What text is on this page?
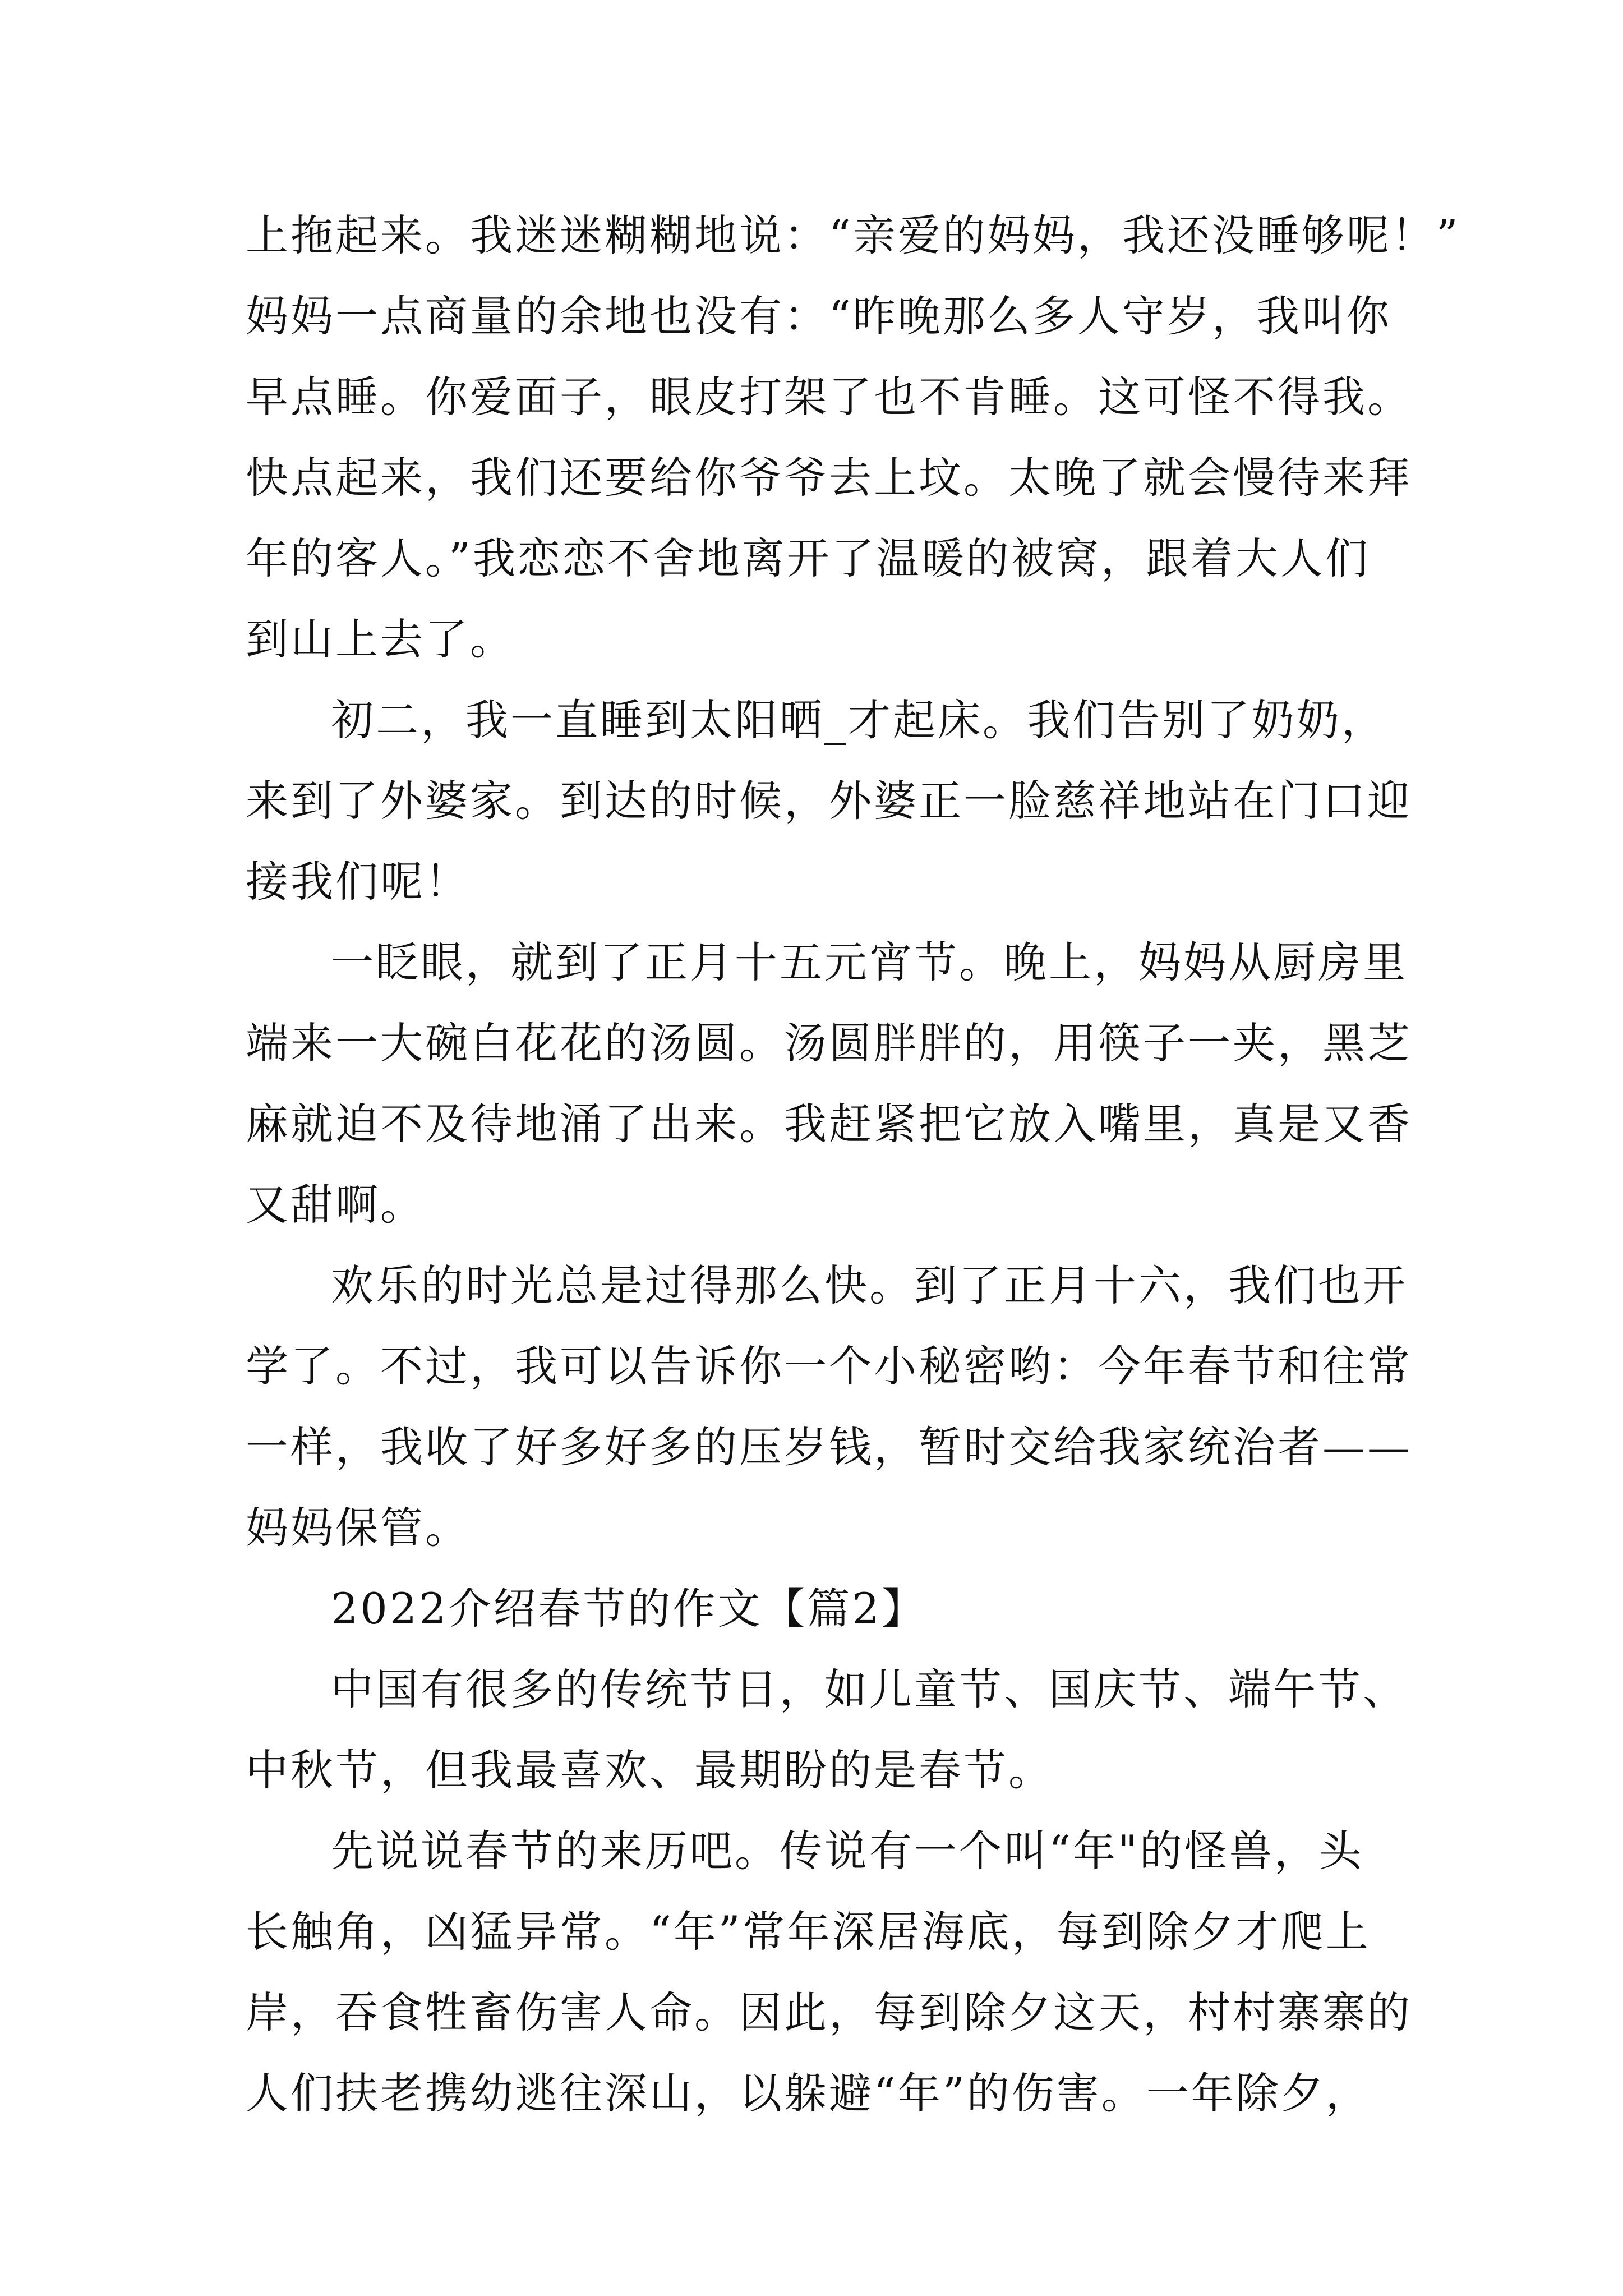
上拖起来。我迷迷糊糊地说：“亲爱的妈妈，我还没睡够呢！”
妈妈一点商量的余地也没有：“昨晚那么多人守岁，我叫你
早点睡。你爱面子，眼皮打架了也不肯睡。这可怪不得我。
快点起来，我们还要给你爷爷去上坟。太晚了就会慢待来拜
年的客人。”我恋恋不舍地离开了温暖的被窝，跟着大人们
到山上去了。
初二，我一直睡到太阳晒_才起床。我们告别了奶奶，
来到了外婆家。到达的时候，外婆正一脸慈祥地站在门口迎
接我们呢！
一眨眼，就到了正月十五元宵节。晚上，妈妈从厨房里
端来一大碗白花花的汤圆。汤圆胖胖的，用筷子一夹，黑芝
麻就迫不及待地涌了出来。我赶紧把它放入嘴里，真是又香
又甜啊。
欢乐的时光总是过得那么快。到了正月十六，我们也开
学了。不过，我可以告诉你一个小秘密哟：今年春节和往常
一样，我收了好多好多的压岁钱，暂时交给我家统治者——
妈妈保管。
2022介绍春节的作文【篇2】
中国有很多的传统节日，如儿童节、国庆节、端午节、
中秋节，但我最喜欢、最期盼的是春节。
先说说春节的来历吧。传说有一个叫“年"的怪兽，头
长触角，凶猛异常。“年”常年深居海底，每到除夕才爬上
岸，吞食牲畜伤害人命。因此，每到除夕这天，村村寨寨的
人们扶老携幼逃往深山，以躲避“年”的伤害。一年除夕，
